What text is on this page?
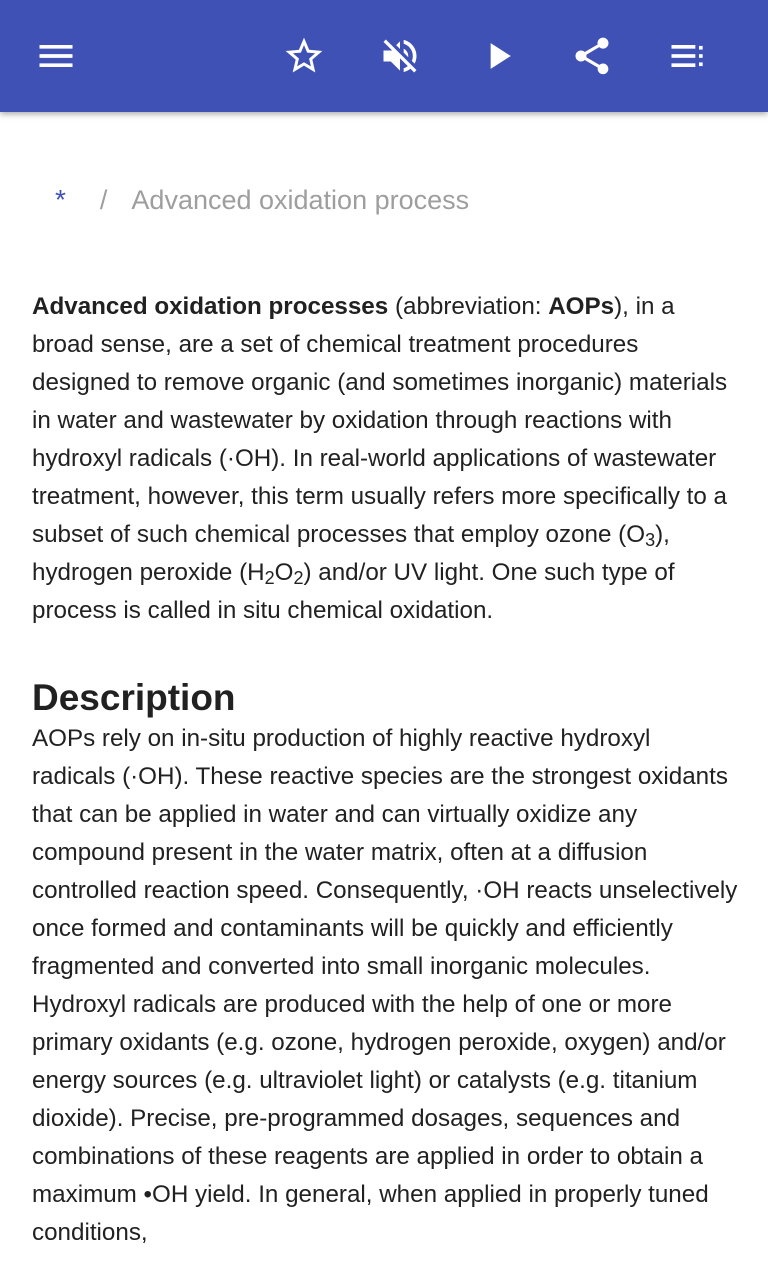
* / Advanced oxidation process

Advanced oxidation processes (abbreviation: AOPs), in a broad sense, are a set of chemical treatment procedures designed to remove organic (and sometimes inorganic) materials in water and wastewater by oxidation through reactions with hydroxyl radicals (·OH). In real-world applications of wastewater treatment, however, this term usually refers more specifically to a subset of such chemical processes that employ ozone $(O_3)$, hydrogen peroxide $(H_2O_2)$ and/or UV light. One such type of process is called in situ chemical oxidation.

Description

AOPs rely on in-situ production of highly reactive hydroxyl radicals (·OH). These reactive species are the strongest oxidants that can be applied in water and can virtually oxidize any compound present in the water matrix, often at a diffusion controlled reaction speed. Consequently, ·OH reacts unselectively once formed and contaminants will be quickly and efficiently fragmented and converted into small inorganic molecules. Hydroxyl radicals are produced with the help of one or more primary oxidants (e.g. ozone, hydrogen peroxide, oxygen) and/or energy sources (e.g. ultraviolet light) or catalysts (e.g. titanium dioxide). Precise, pre-programmed dosages, sequences and combinations of these reagents are applied in order to obtain a maximum •OH yield. In general, when applied in properly tuned conditions,
